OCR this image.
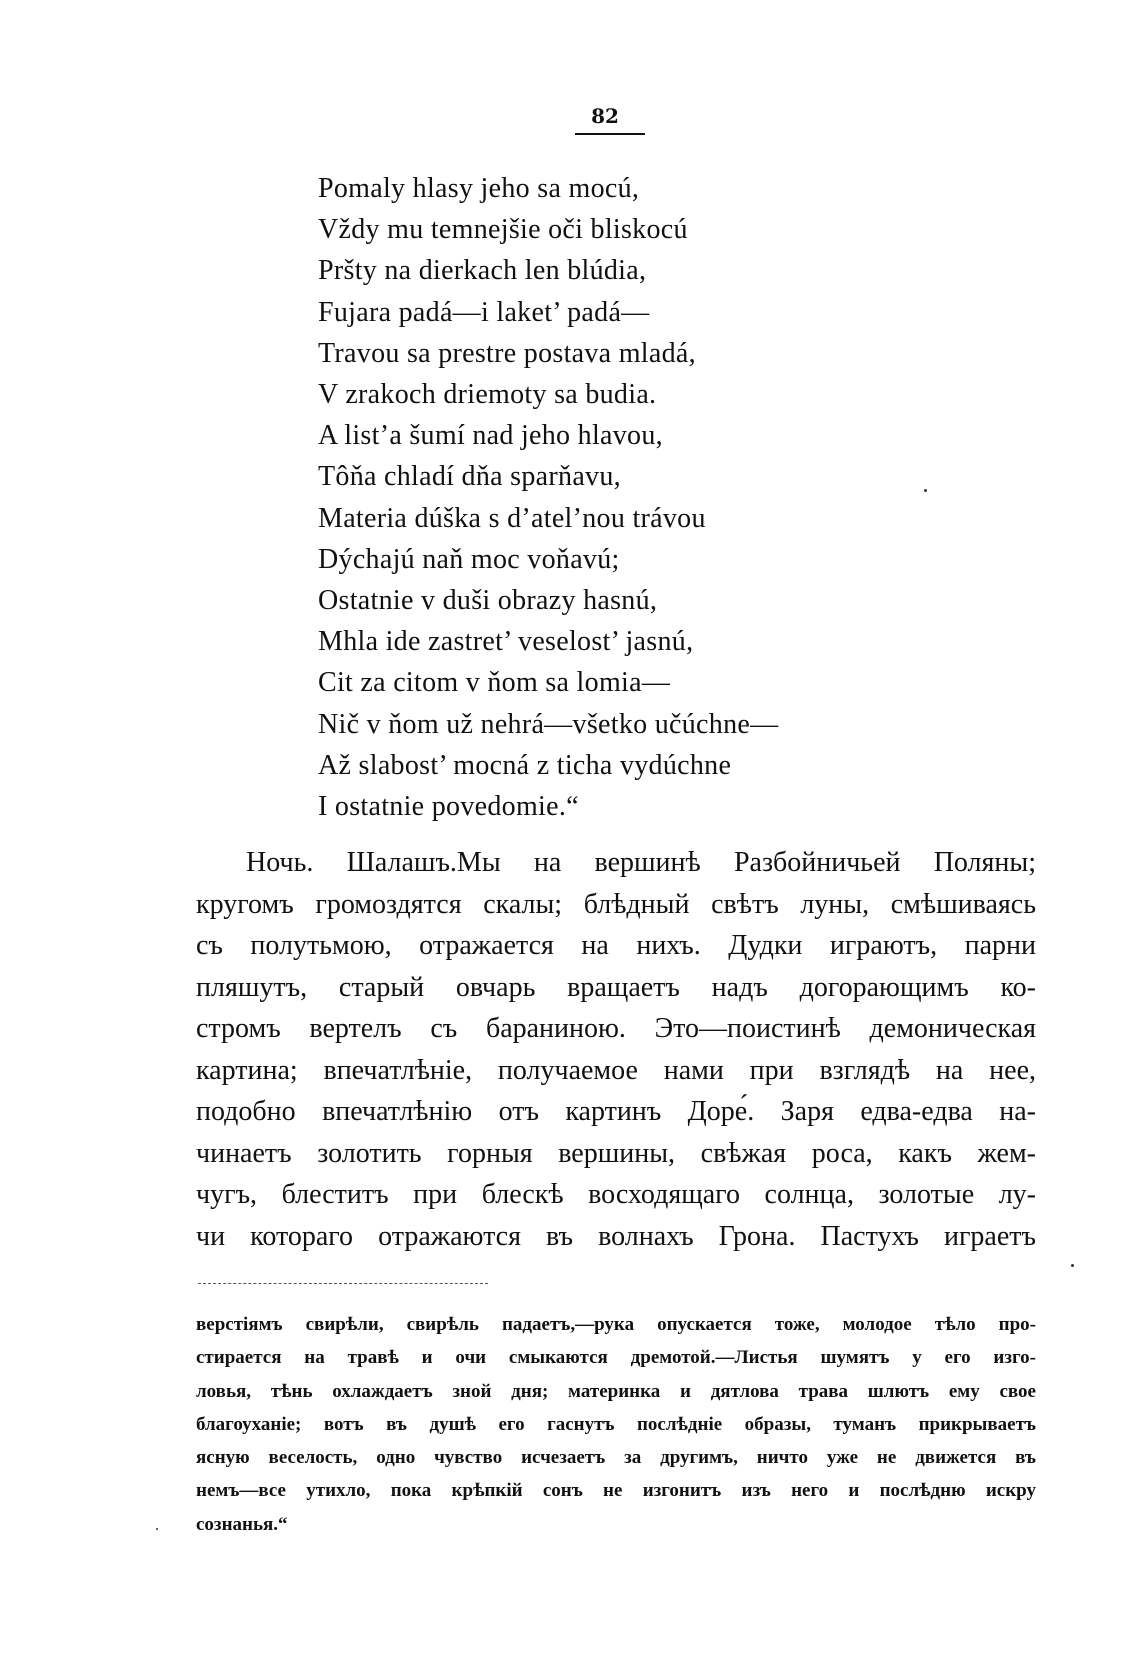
82
Pomaly hlasy jeho sa mocú,
Vždy mu temnejšie oči bliskocú
Pršty na dierkach len blúdia,
Fujara padá—i laket’ padá—
Travou sa prestre postava mladá,
V zrakoch driemoty sa budia.
A list’a šumí nad jeho hlavou,
Tôňa chladí dňa sparňavu,
Materia dúška s d’atel’nou trávou
Dýchajú naň moc voňavú;
Ostatnie v duši obrazy hasnú,
Mhla ide zastret’ veselost’ jasnú,
Cit za citom v ňom sa lomia—
Nič v ňom už nehrá—všetko učúchne—
Až slabost’ mocná z ticha vydúchne
I ostatnie povedomie.“
Ночь. Шалашъ.Мы на вершинѣ Разбойничьей Поляны;
кругомъ громоздятся скалы; блѣдный свѣтъ луны, смѣшиваясь
съ полутьмою, отражается на нихъ. Дудки играютъ, парни
пляшутъ, старый овчарь вращаетъ надъ догорающимъ ко-
стромъ вертелъ съ бараниною. Это—поистинѣ демоническая
картина; впечатлѣніе, получаемое нами при взглядѣ на нее,
подобно впечатлѣнію отъ картинъ Доре́. Заря едва-едва на-
чинаетъ золотить горныя вершины, свѣжая роса, какъ жем-
чугъ, блеститъ при блескѣ восходящаго солнца, золотые лу-
чи котораго отражаются въ волнахъ Грона. Пастухъ играетъ
верстіямъ свирѣли, свирѣль падаетъ,—рука опускается тоже, молодое тѣло про-
стирается на травѣ и очи смыкаются дремотой.—Листья шумятъ у его изго-
ловья, тѣнь охлаждаетъ зной дня; материнка и дятлова трава шлютъ ему свое
благоуханіе; вотъ въ душѣ его гаснутъ послѣдніе образы, туманъ прикрываетъ
ясную веселость, одно чувство исчезаетъ за другимъ, ничто уже не движется въ
немъ—все утихло, пока крѣпкій сонъ не изгонитъ изъ него и послѣдню искру
сознанья.“
